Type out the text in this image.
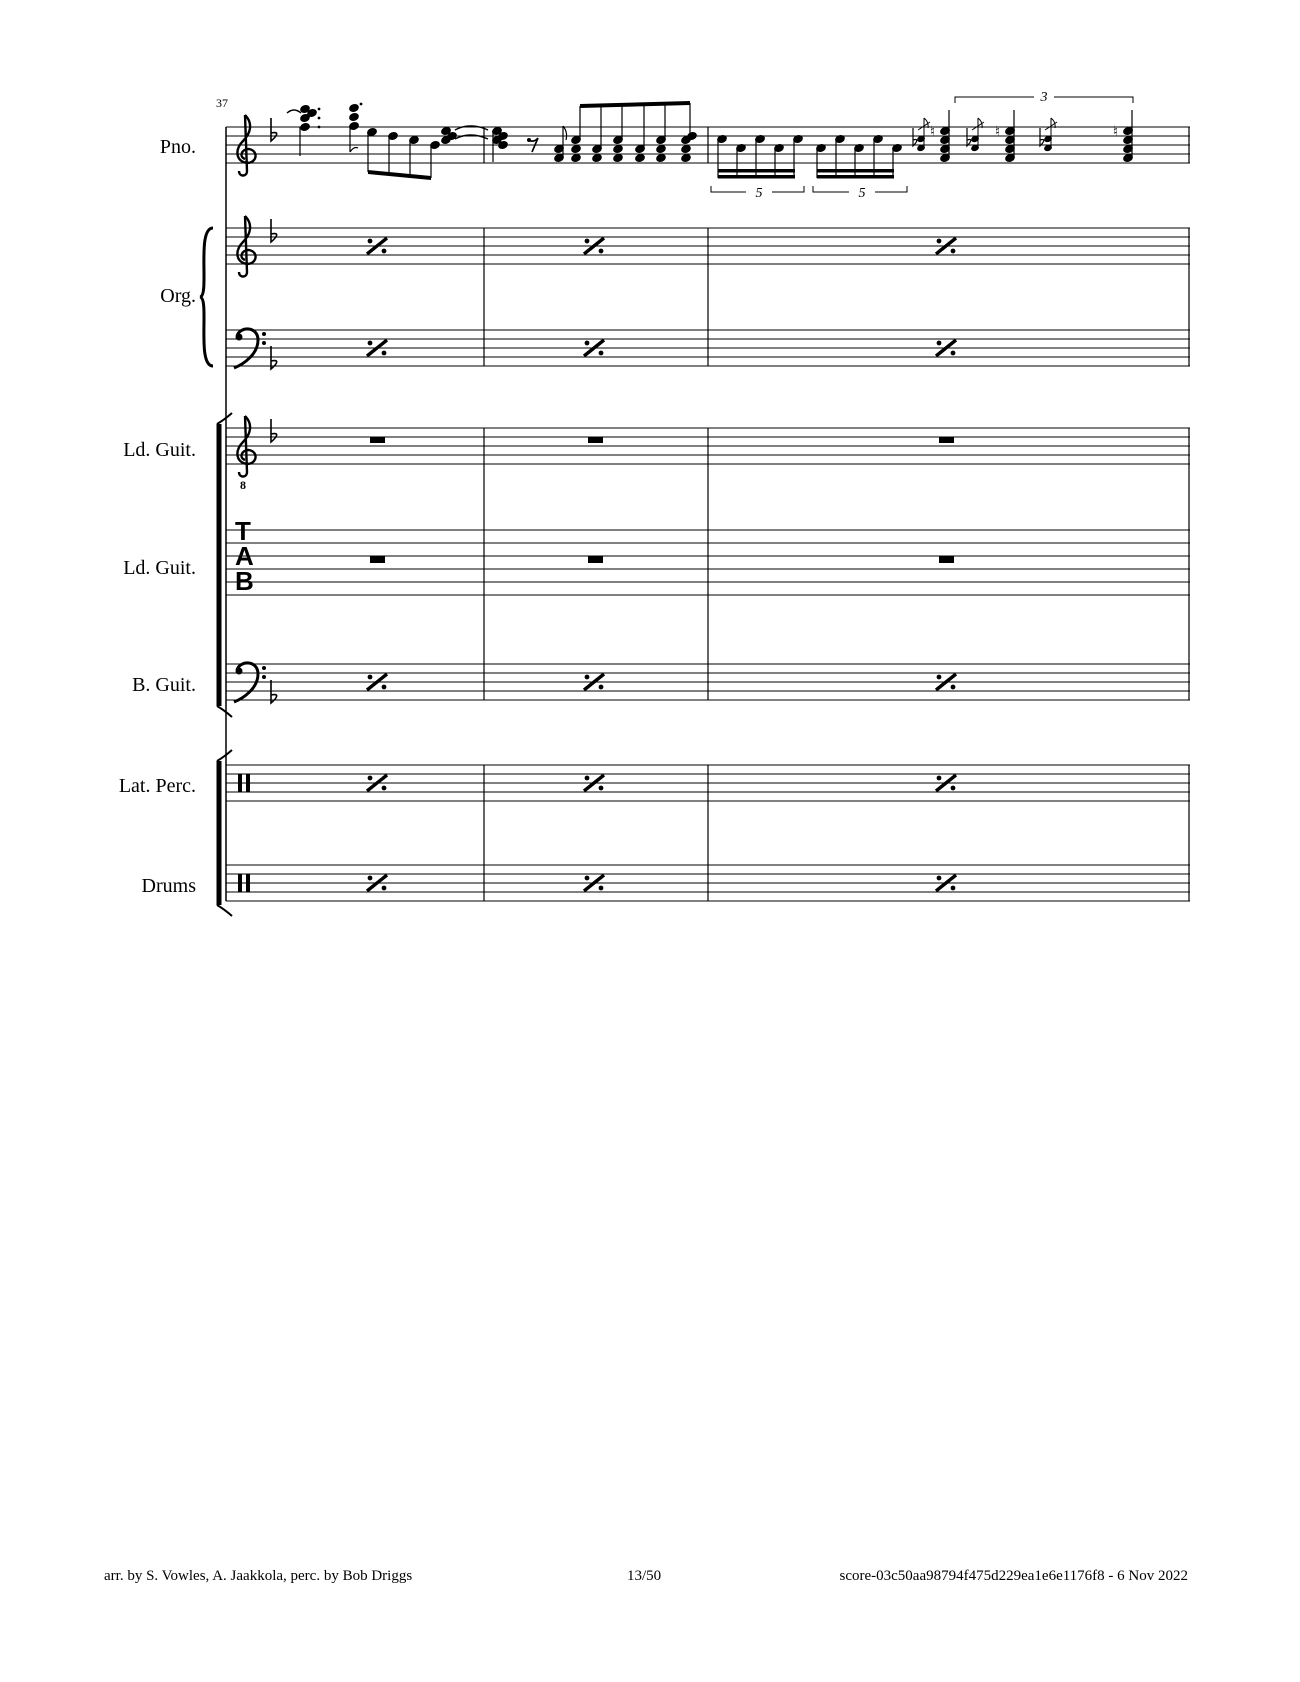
37
Pno.
Org.
Ld. Guit.
Ld. Guit.
B. Guit.
Lat. Perc.
Drums
8
T
A
B
5	5
3
♮	♮	♮
arr. by S. Vowles, A. Jaakkola, perc. by Bob Driggs	13/50	score-03c50aa98794f475d229ea1e6e1176f8 - 6 Nov 2022
